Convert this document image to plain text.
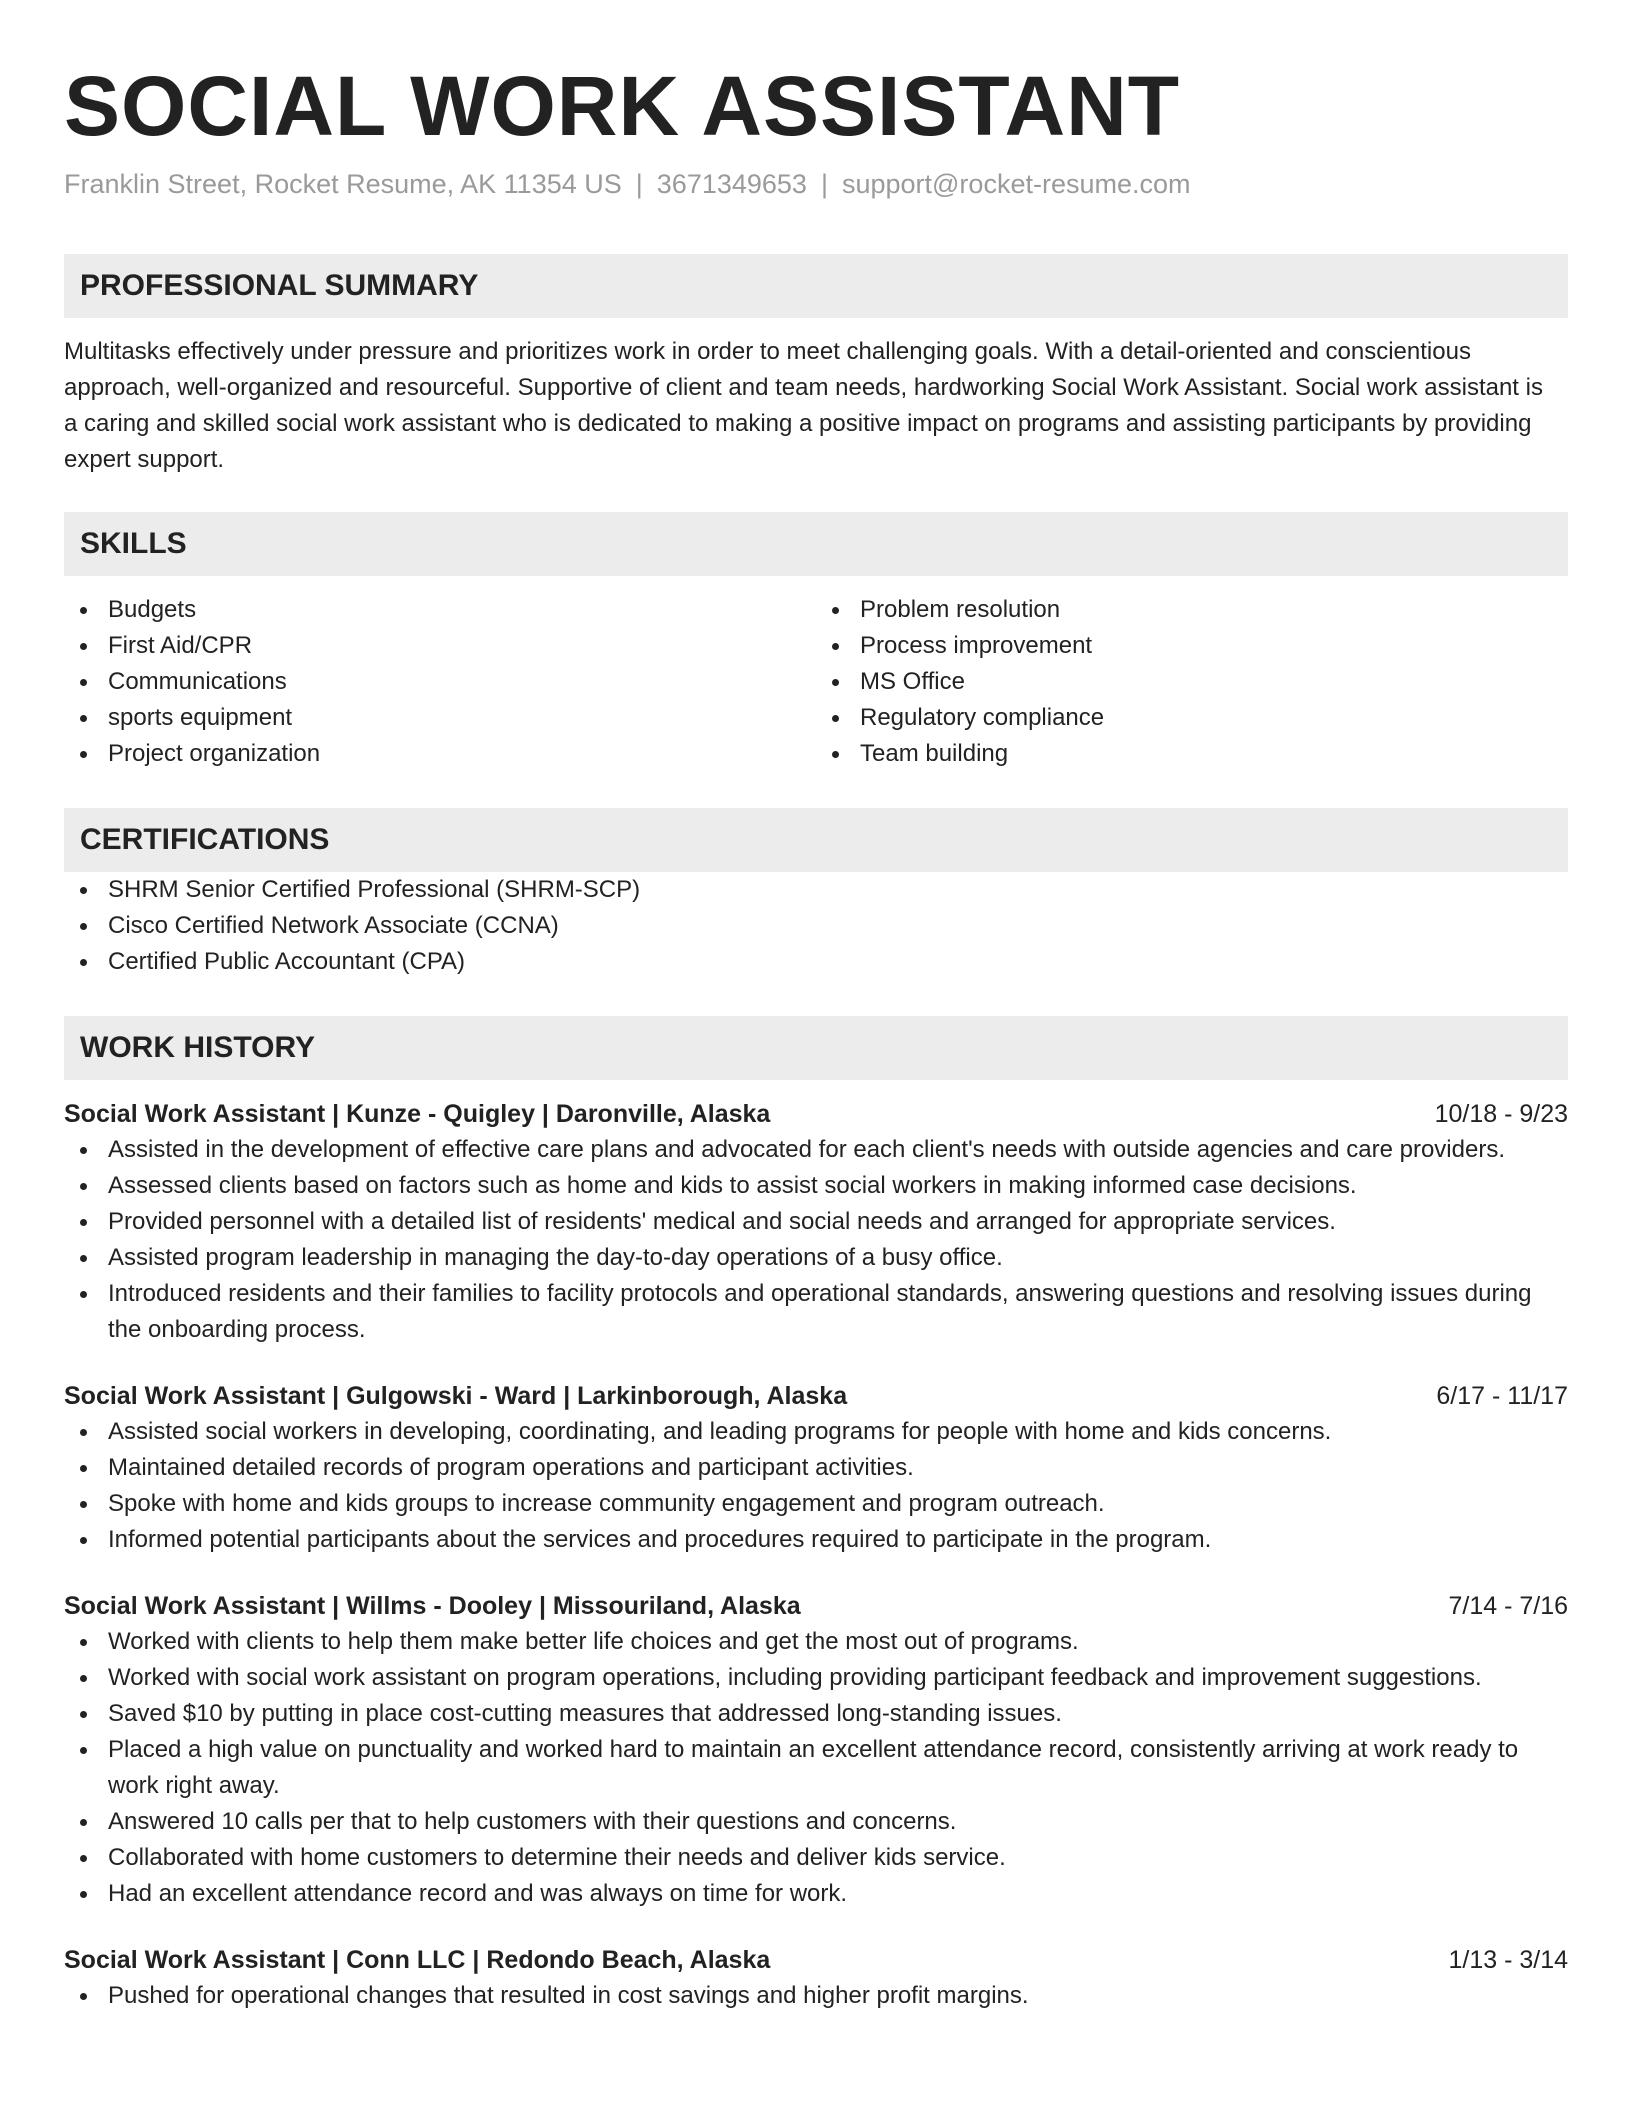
SOCIAL WORK ASSISTANT
Franklin Street, Rocket Resume, AK 11354 US | 3671349653 | support@rocket-resume.com
PROFESSIONAL SUMMARY

Multitasks effectively under pressure and prioritizes work in order to meet challenging goals. With a detail-oriented and conscientious approach, well-organized and resourceful. Supportive of client and team needs, hardworking Social Work Assistant. Social work assistant is a caring and skilled social work assistant who is dedicated to making a positive impact on programs and assisting participants by providing expert support.

SKILLS
Budgets
First Aid/CPR
Communications
sports equipment
Project organization
Problem resolution
Process improvement
MS Office
Regulatory compliance
Team building
CERTIFICATIONS
SHRM Senior Certified Professional (SHRM-SCP)
Cisco Certified Network Associate (CCNA)
Certified Public Accountant (CPA)
WORK HISTORY
Social Work Assistant | Kunze - Quigley | Daronville, Alaska	10/18 - 9/23
Assisted in the development of effective care plans and advocated for each client's needs with outside agencies and care providers.
Assessed clients based on factors such as home and kids to assist social workers in making informed case decisions.
Provided personnel with a detailed list of residents' medical and social needs and arranged for appropriate services.
Assisted program leadership in managing the day-to-day operations of a busy office.
Introduced residents and their families to facility protocols and operational standards, answering questions and resolving issues during the onboarding process.
Social Work Assistant | Gulgowski - Ward | Larkinborough, Alaska	6/17 - 11/17
Assisted social workers in developing, coordinating, and leading programs for people with home and kids concerns.
Maintained detailed records of program operations and participant activities.
Spoke with home and kids groups to increase community engagement and program outreach.
Informed potential participants about the services and procedures required to participate in the program.
Social Work Assistant | Willms - Dooley | Missouriland, Alaska	7/14 - 7/16
Worked with clients to help them make better life choices and get the most out of programs.
Worked with social work assistant on program operations, including providing participant feedback and improvement suggestions.
Saved $10 by putting in place cost-cutting measures that addressed long-standing issues.
Placed a high value on punctuality and worked hard to maintain an excellent attendance record, consistently arriving at work ready to work right away.
Answered 10 calls per that to help customers with their questions and concerns.
Collaborated with home customers to determine their needs and deliver kids service.
Had an excellent attendance record and was always on time for work.
Social Work Assistant | Conn LLC | Redondo Beach, Alaska	1/13 - 3/14
Pushed for operational changes that resulted in cost savings and higher profit margins.
